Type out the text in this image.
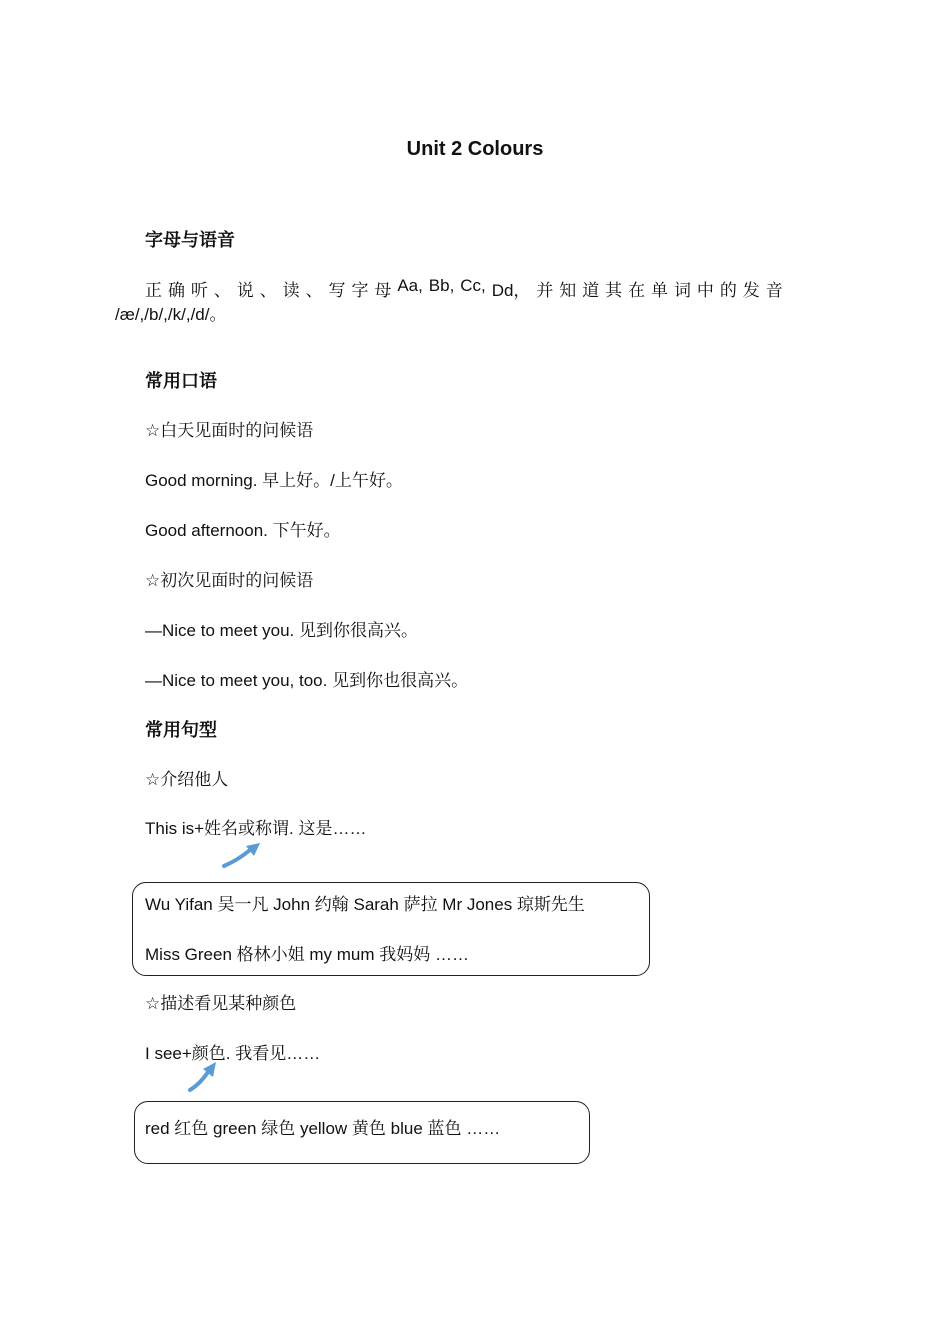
Unit 2 Colours
字母与语音
正 确 听 、 说 、 读 、 写 字 母 Aa, Bb, Cc, Dd， 并 知 道 其 在 单 词 中 的 发 音
/æ/,/b/,/k/,/d/。
常用口语
☆白天见面时的问候语
Good morning. 早上好。/上午好。
Good afternoon. 下午好。
☆初次见面时的问候语
—Nice to meet you. 见到你很高兴。
—Nice to meet you, too. 见到你也很高兴。
常用句型
☆介绍他人
This is+姓名或称谓. 这是……
Wu Yifan 吴一凡 John 约翰 Sarah 萨拉 Mr Jones 琼斯先生
Miss Green 格林小姐 my mum 我妈妈 ……
☆描述看见某种颜色
I see+颜色. 我看见……
red 红色 green 绿色 yellow 黄色 blue 蓝色 ……
